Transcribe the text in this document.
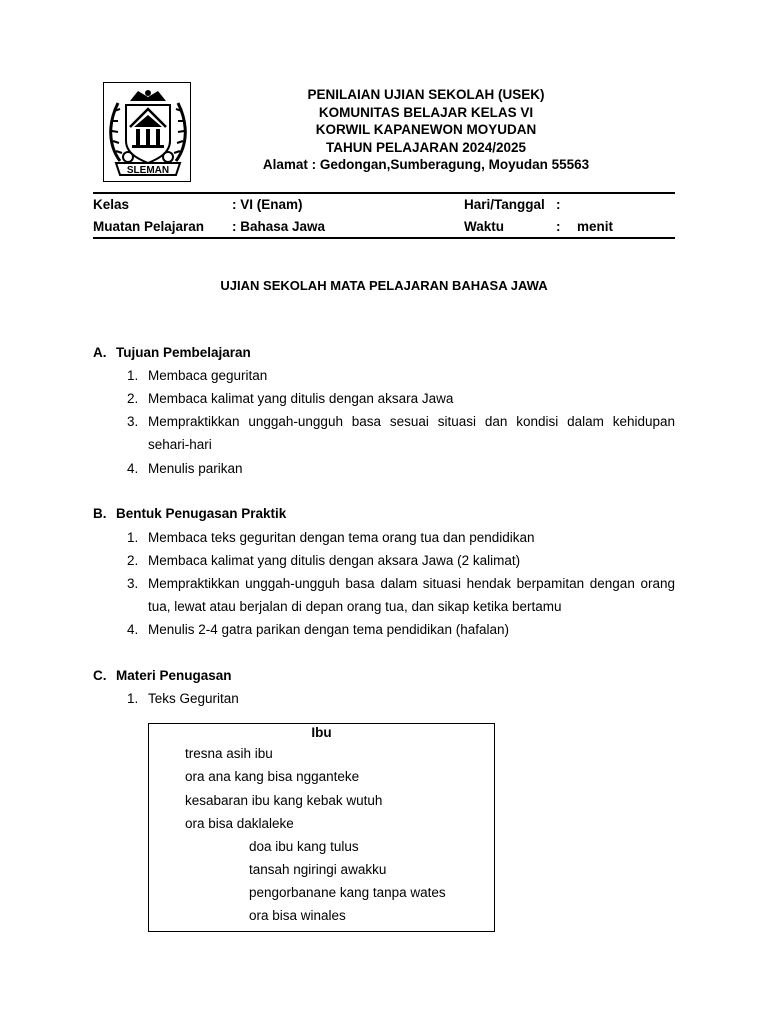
SLEMAN
PENILAIAN UJIAN SEKOLAH (USEK)
KOMUNITAS BELAJAR KELAS VI
KORWIL KAPANEWON MOYUDAN
TAHUN PELAJARAN 2024/2025
Alamat : Gedongan,Sumberagung, Moyudan 55563
Kelas	: VI (Enam)	Hari/Tanggal :
Muatan Pelajaran : Bahasa Jawa	Waktu	: menit
UJIAN SEKOLAH MATA PELAJARAN BAHASA JAWA
A. Tujuan Pembelajaran
1. Membaca geguritan
2. Membaca kalimat yang ditulis dengan aksara Jawa
3. Mempraktikkan unggah-ungguh basa sesuai situasi dan kondisi dalam kehidupan sehari-hari
4. Menulis parikan
B. Bentuk Penugasan Praktik
1. Membaca teks geguritan dengan tema orang tua dan pendidikan
2. Membaca kalimat yang ditulis dengan aksara Jawa (2 kalimat)
3. Mempraktikkan unggah-ungguh basa dalam situasi hendak berpamitan dengan orang tua, lewat atau berjalan di depan orang tua, dan sikap ketika bertamu
4. Menulis 2-4 gatra parikan dengan tema pendidikan (hafalan)
C. Materi Penugasan
1. Teks Geguritan
Ibu
tresna asih ibu
ora ana kang bisa ngganteke
kesabaran ibu kang kebak wutuh
ora bisa daklaleke
doa ibu kang tulus
tansah ngiringi awakku
pengorbanane kang tanpa wates
ora bisa winales
